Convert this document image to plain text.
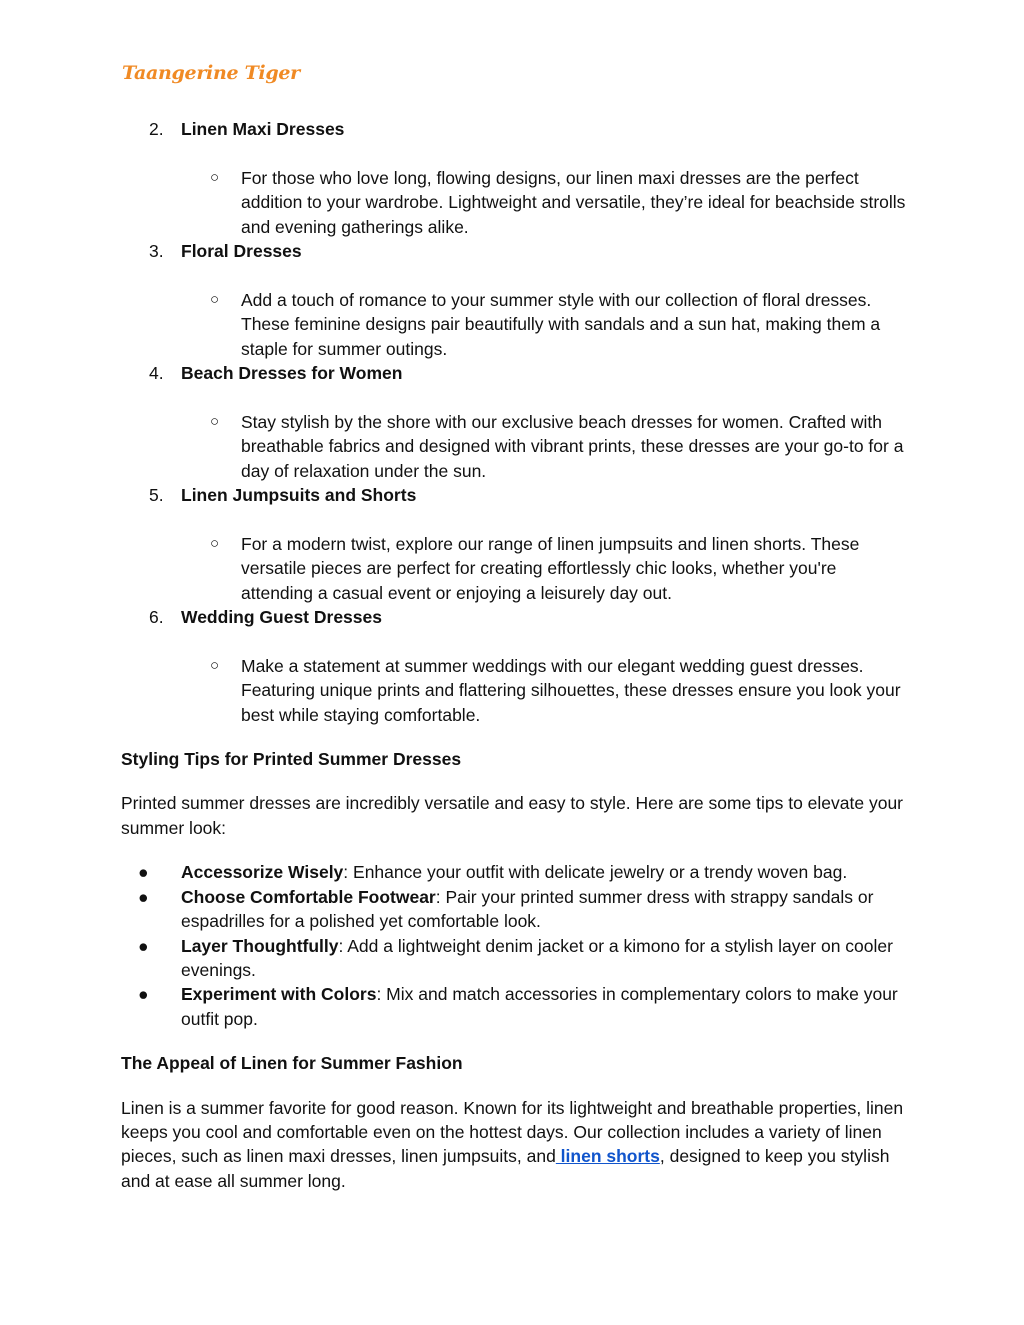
Taangerine Tiger

2. Linen Maxi Dresses

○ For those who love long, flowing designs, our linen maxi dresses are the perfect addition to your wardrobe. Lightweight and versatile, they’re ideal for beachside strolls and evening gatherings alike.

3. Floral Dresses

○ Add a touch of romance to your summer style with our collection of floral dresses. These feminine designs pair beautifully with sandals and a sun hat, making them a staple for summer outings.

4. Beach Dresses for Women

○ Stay stylish by the shore with our exclusive beach dresses for women. Crafted with breathable fabrics and designed with vibrant prints, these dresses are your go-to for a day of relaxation under the sun.

5. Linen Jumpsuits and Shorts

○ For a modern twist, explore our range of linen jumpsuits and linen shorts. These versatile pieces are perfect for creating effortlessly chic looks, whether you're attending a casual event or enjoying a leisurely day out.

6. Wedding Guest Dresses

○ Make a statement at summer weddings with our elegant wedding guest dresses. Featuring unique prints and flattering silhouettes, these dresses ensure you look your best while staying comfortable.

Styling Tips for Printed Summer Dresses

Printed summer dresses are incredibly versatile and easy to style. Here are some tips to elevate your summer look:

● Accessorize Wisely: Enhance your outfit with delicate jewelry or a trendy woven bag.

● Choose Comfortable Footwear: Pair your printed summer dress with strappy sandals or espadrilles for a polished yet comfortable look.

● Layer Thoughtfully: Add a lightweight denim jacket or a kimono for a stylish layer on cooler evenings.

● Experiment with Colors: Mix and match accessories in complementary colors to make your outfit pop.

The Appeal of Linen for Summer Fashion

Linen is a summer favorite for good reason. Known for its lightweight and breathable properties, linen keeps you cool and comfortable even on the hottest days. Our collection includes a variety of linen pieces, such as linen maxi dresses, linen jumpsuits, and linen shorts, designed to keep you stylish and at ease all summer long.
